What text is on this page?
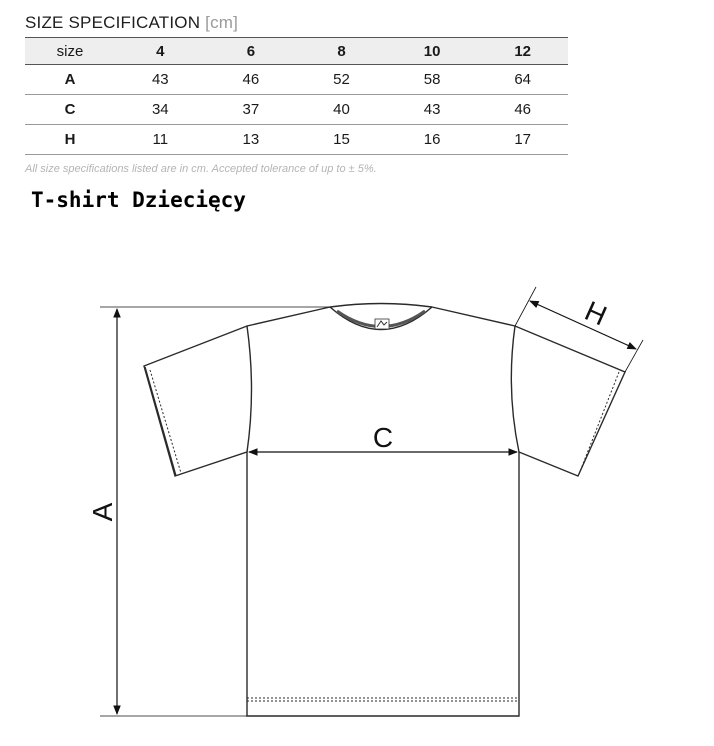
SIZE SPECIFICATION [cm]
size	4	6	8	10	12
A	43	46	52	58	64
C	34	37	40	43	46
H	11	13	15	16	17
All size specifications listed are in cm. Accepted tolerance of up to ± 5%.
T-shirt Dziecięcy
A
C
H
